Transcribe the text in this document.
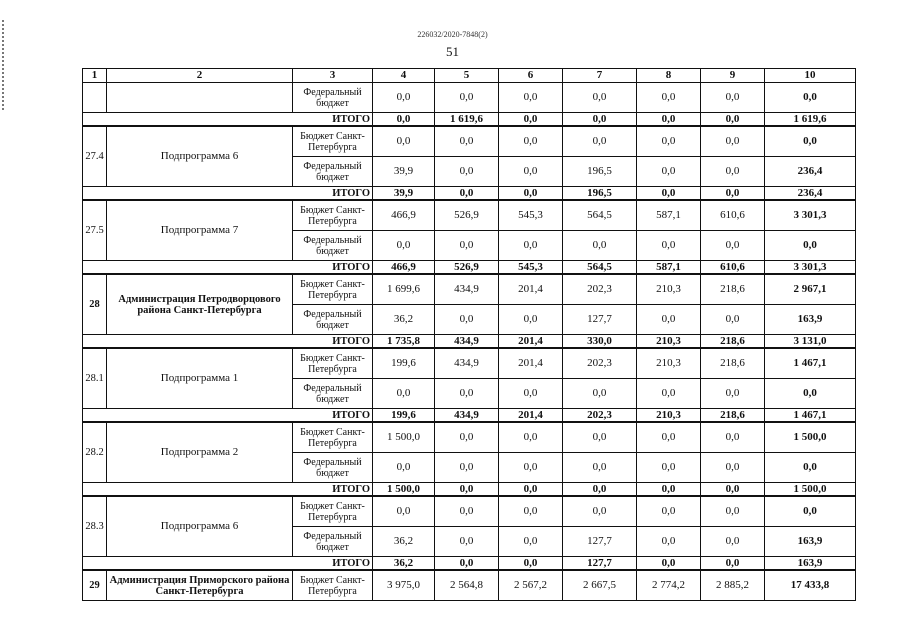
226032/2020-7848(2)
51
1	2	3	4	5	6	7	8	9	10
		Федеральный бюджет	0,0	0,0	0,0	0,0	0,0	0,0	0,0
ИТОГО			0,0	1 619,6	0,0	0,0	0,0	0,0	1 619,6
27.4	Подпрограмма 6	Бюджет Санкт-Петербурга	0,0	0,0	0,0	0,0	0,0	0,0	0,0
		Федеральный бюджет	39,9	0,0	0,0	196,5	0,0	0,0	236,4
ИТОГО			39,9	0,0	0,0	196,5	0,0	0,0	236,4
27.5	Подпрограмма 7	Бюджет Санкт-Петербурга	466,9	526,9	545,3	564,5	587,1	610,6	3 301,3
		Федеральный бюджет	0,0	0,0	0,0	0,0	0,0	0,0	0,0
ИТОГО			466,9	526,9	545,3	564,5	587,1	610,6	3 301,3
28	Администрация Петродворцового района Санкт-Петербурга	Бюджет Санкт-Петербурга	1 699,6	434,9	201,4	202,3	210,3	218,6	2 967,1
		Федеральный бюджет	36,2	0,0	0,0	127,7	0,0	0,0	163,9
ИТОГО			1 735,8	434,9	201,4	330,0	210,3	218,6	3 131,0
28.1	Подпрограмма 1	Бюджет Санкт-Петербурга	199,6	434,9	201,4	202,3	210,3	218,6	1 467,1
		Федеральный бюджет	0,0	0,0	0,0	0,0	0,0	0,0	0,0
ИТОГО			199,6	434,9	201,4	202,3	210,3	218,6	1 467,1
28.2	Подпрограмма 2	Бюджет Санкт-Петербурга	1 500,0	0,0	0,0	0,0	0,0	0,0	1 500,0
		Федеральный бюджет	0,0	0,0	0,0	0,0	0,0	0,0	0,0
ИТОГО			1 500,0	0,0	0,0	0,0	0,0	0,0	1 500,0
28.3	Подпрограмма 6	Бюджет Санкт-Петербурга	0,0	0,0	0,0	0,0	0,0	0,0	0,0
		Федеральный бюджет	36,2	0,0	0,0	127,7	0,0	0,0	163,9
ИТОГО			36,2	0,0	0,0	127,7	0,0	0,0	163,9
29	Администрация Приморского района Санкт-Петербурга	Бюджет Санкт-Петербурга	3 975,0	2 564,8	2 567,2	2 667,5	2 774,2	2 885,2	17 433,8
